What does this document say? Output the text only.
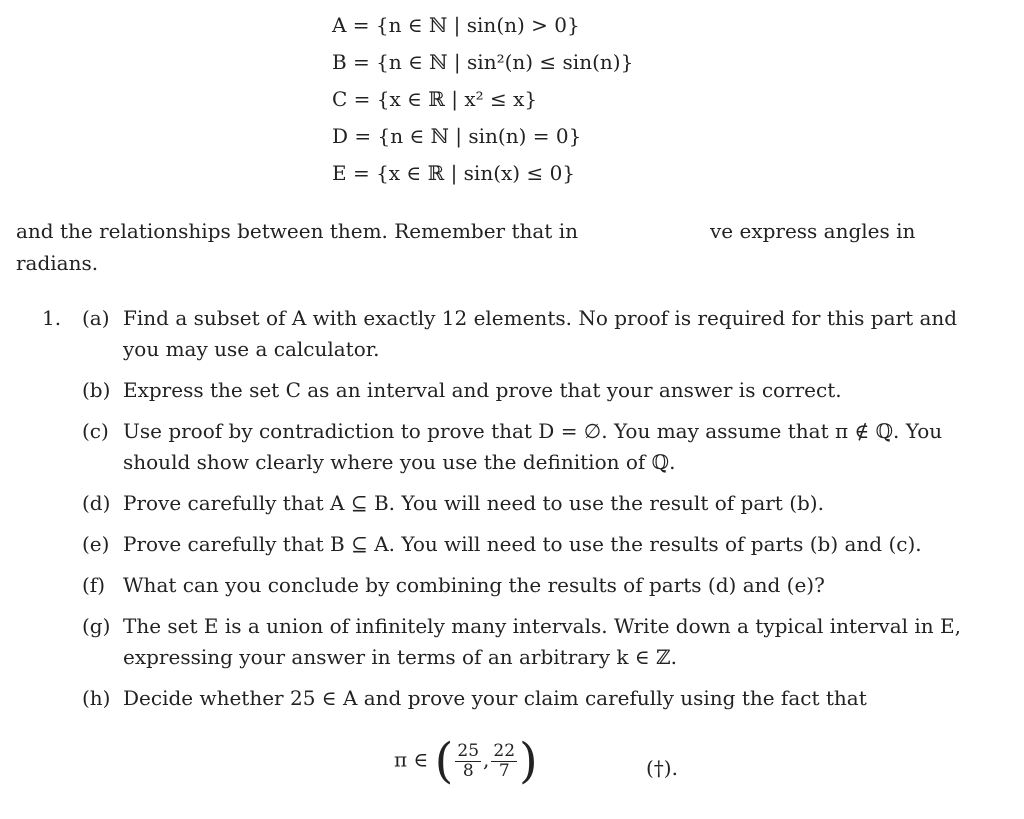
A = {n ∈ ℕ | sin(n) > 0}
B = {n ∈ ℕ | sin²(n) ≤ sin(n)}
C = {x ∈ ℝ | x² ≤ x}
D = {n ∈ ℕ | sin(n) = 0}
E = {x ∈ ℝ | sin(x) ≤ 0}
and the relationships between them. Remember that in	ve express angles in
radians.
1. (a) Find a subset of A with exactly 12 elements. No proof is required for this part and you may use a calculator.
(b) Express the set C as an interval and prove that your answer is correct.
(c) Use proof by contradiction to prove that D = ∅. You may assume that π ∉ ℚ. You should show clearly where you use the definition of ℚ.
(d) Prove carefully that A ⊆ B. You will need to use the result of part (b).
(e) Prove carefully that B ⊆ A. You will need to use the results of parts (b) and (c).
(f) What can you conclude by combining the results of parts (d) and (e)?
(g) The set E is a union of infinitely many intervals. Write down a typical interval in E, expressing your answer in terms of an arbitrary k ∈ ℤ.
(h) Decide whether 25 ∈ A and prove your claim carefully using the fact that
π ∈ ( $\frac{25}{8}$ , $\frac{22}{7}$ )	(†).
